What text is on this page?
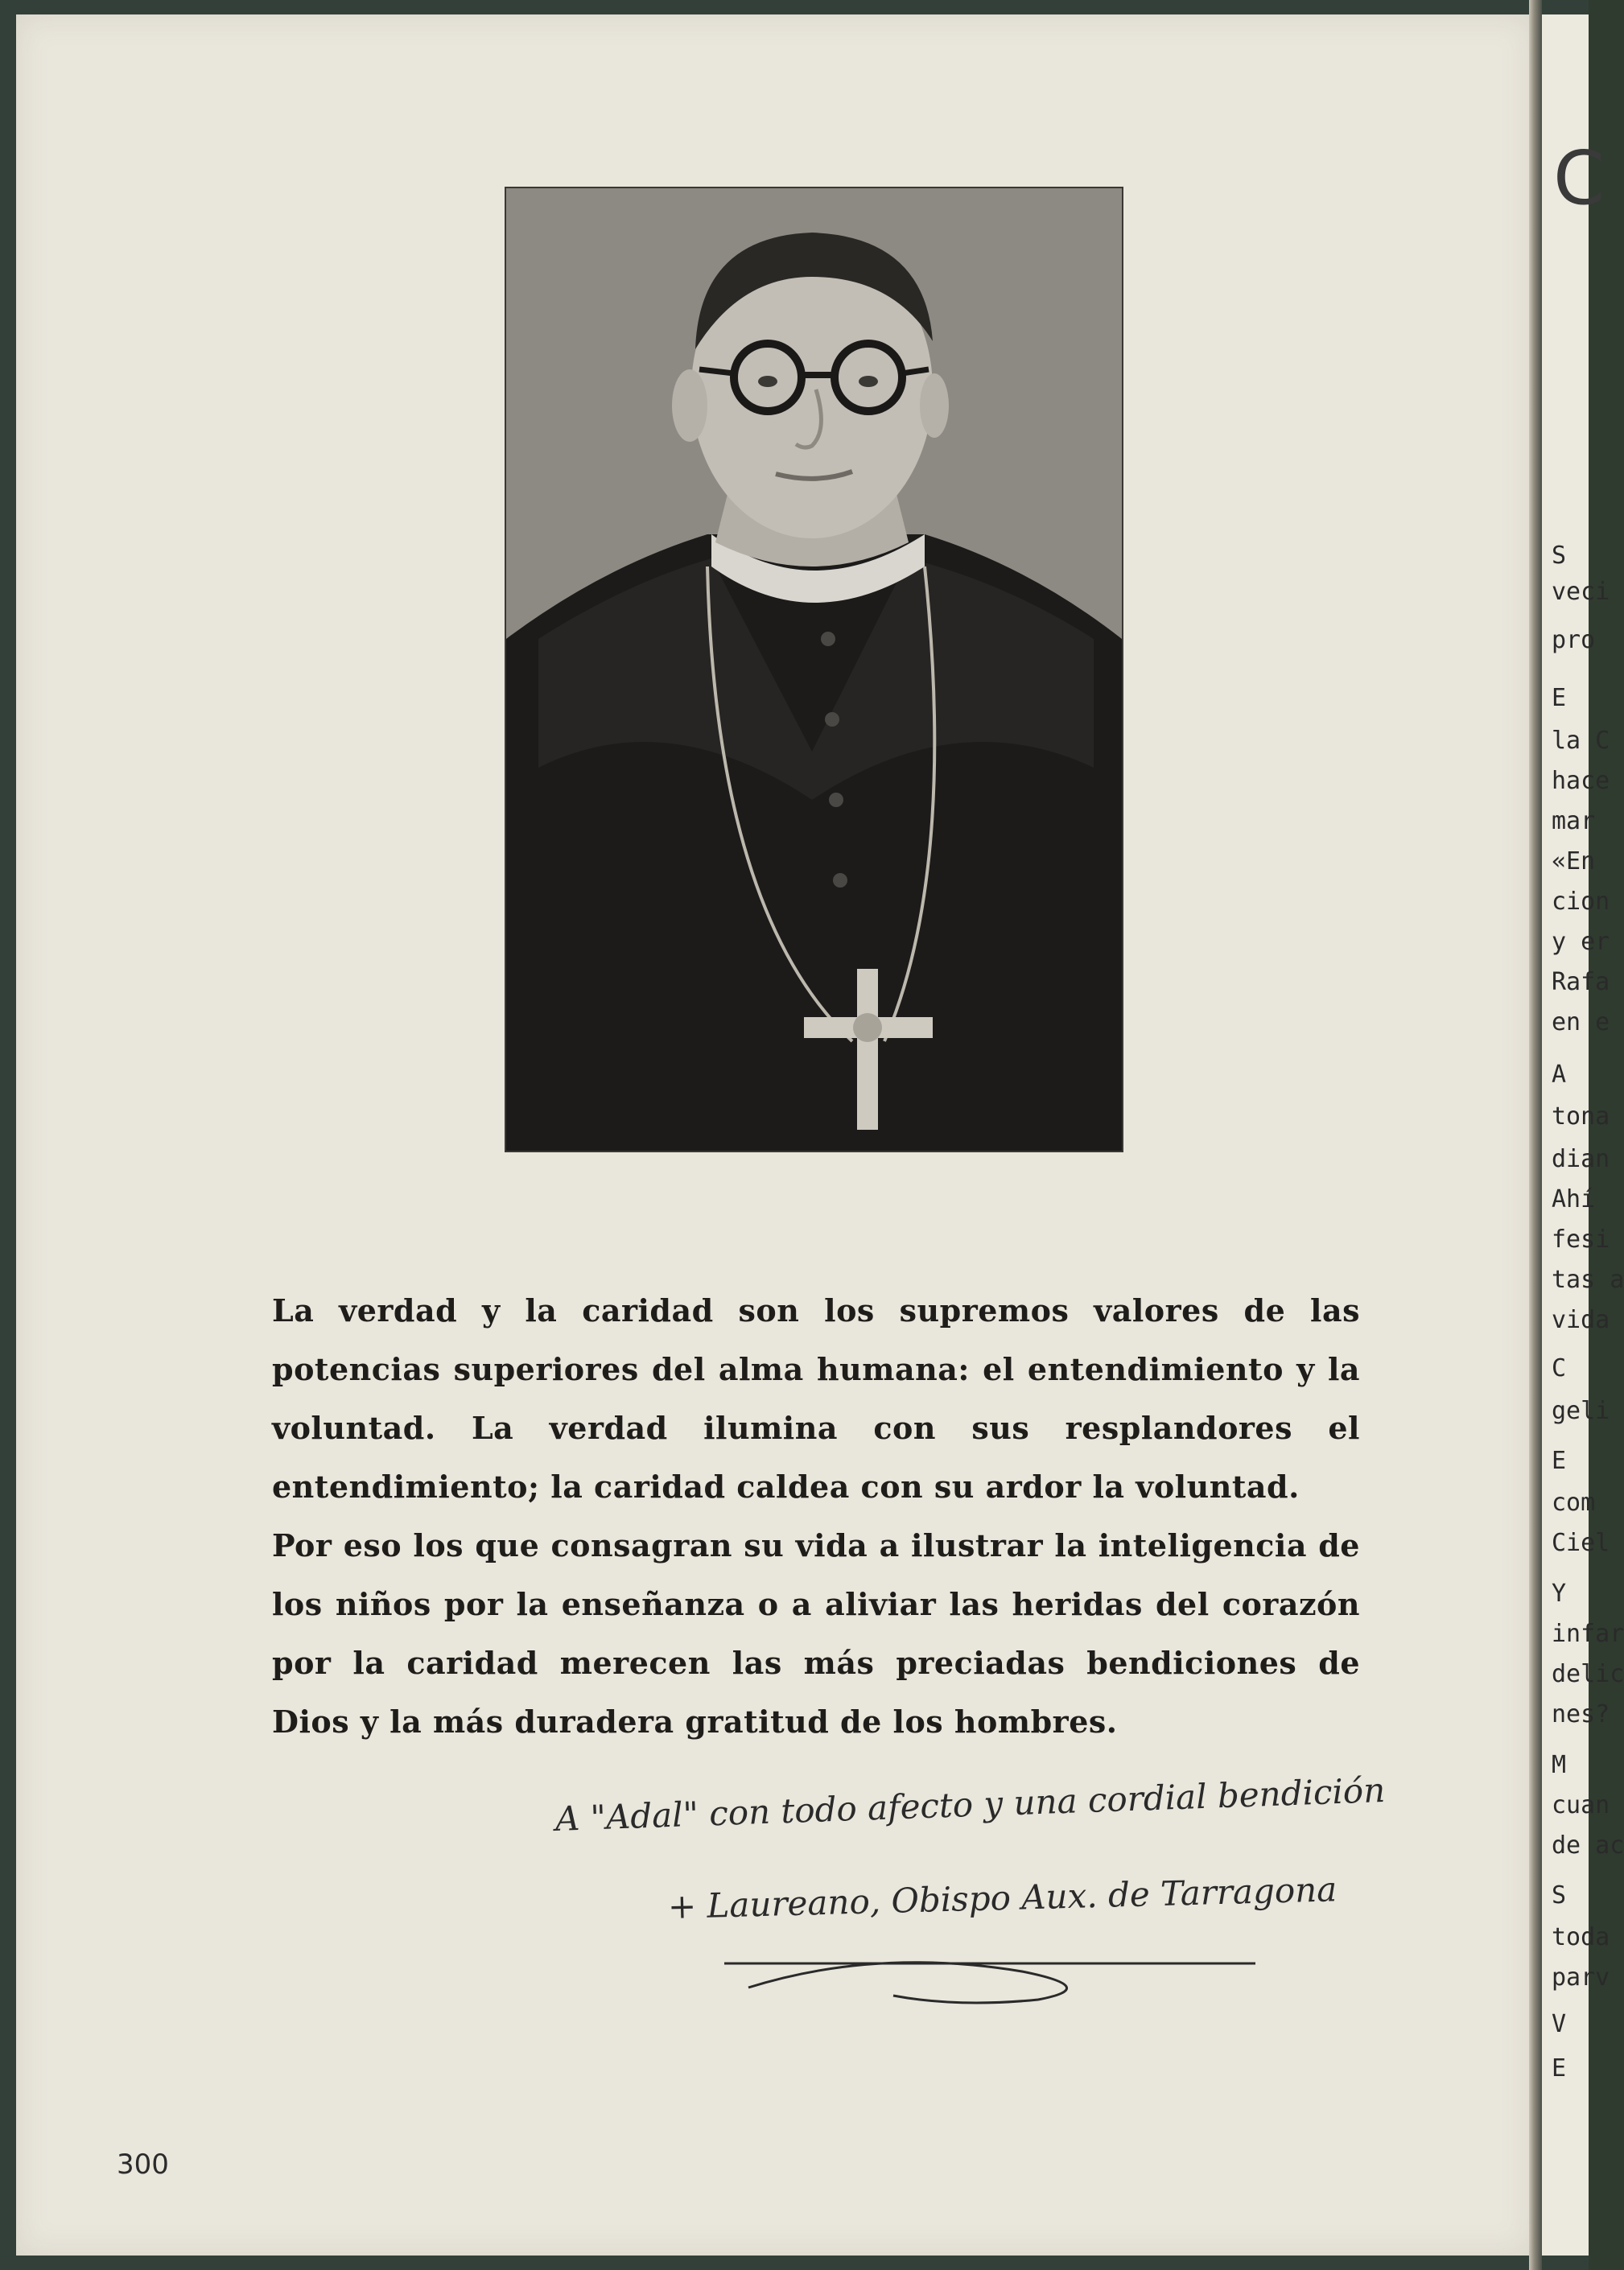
C
S
veci
pro
E
la C
hace
mar
«En
cion
y er
Rafa
en e
A
tona
dian
Ahí
fesi
tas a
vida
C
geli
E
com
Ciel
Y
infar
delic
nes?
M
cuan
de ac
S
toda
parv
V
E

La verdad y la caridad son los supremos valores de las potencias superiores del alma humana: el entendimiento y la voluntad. La verdad ilumina con sus resplandores el entendimiento; la caridad caldea con su ardor la voluntad.

Por eso los que consagran su vida a ilustrar la inteligencia de los niños por la enseñanza o a aliviar las heridas del corazón por la caridad merecen las más preciadas bendiciones de Dios y la más duradera gratitud de los hombres.

A "Adal" con todo afecto y una cordial bendición
+ Laureano, Obispo Aux. de Tarragona
300
